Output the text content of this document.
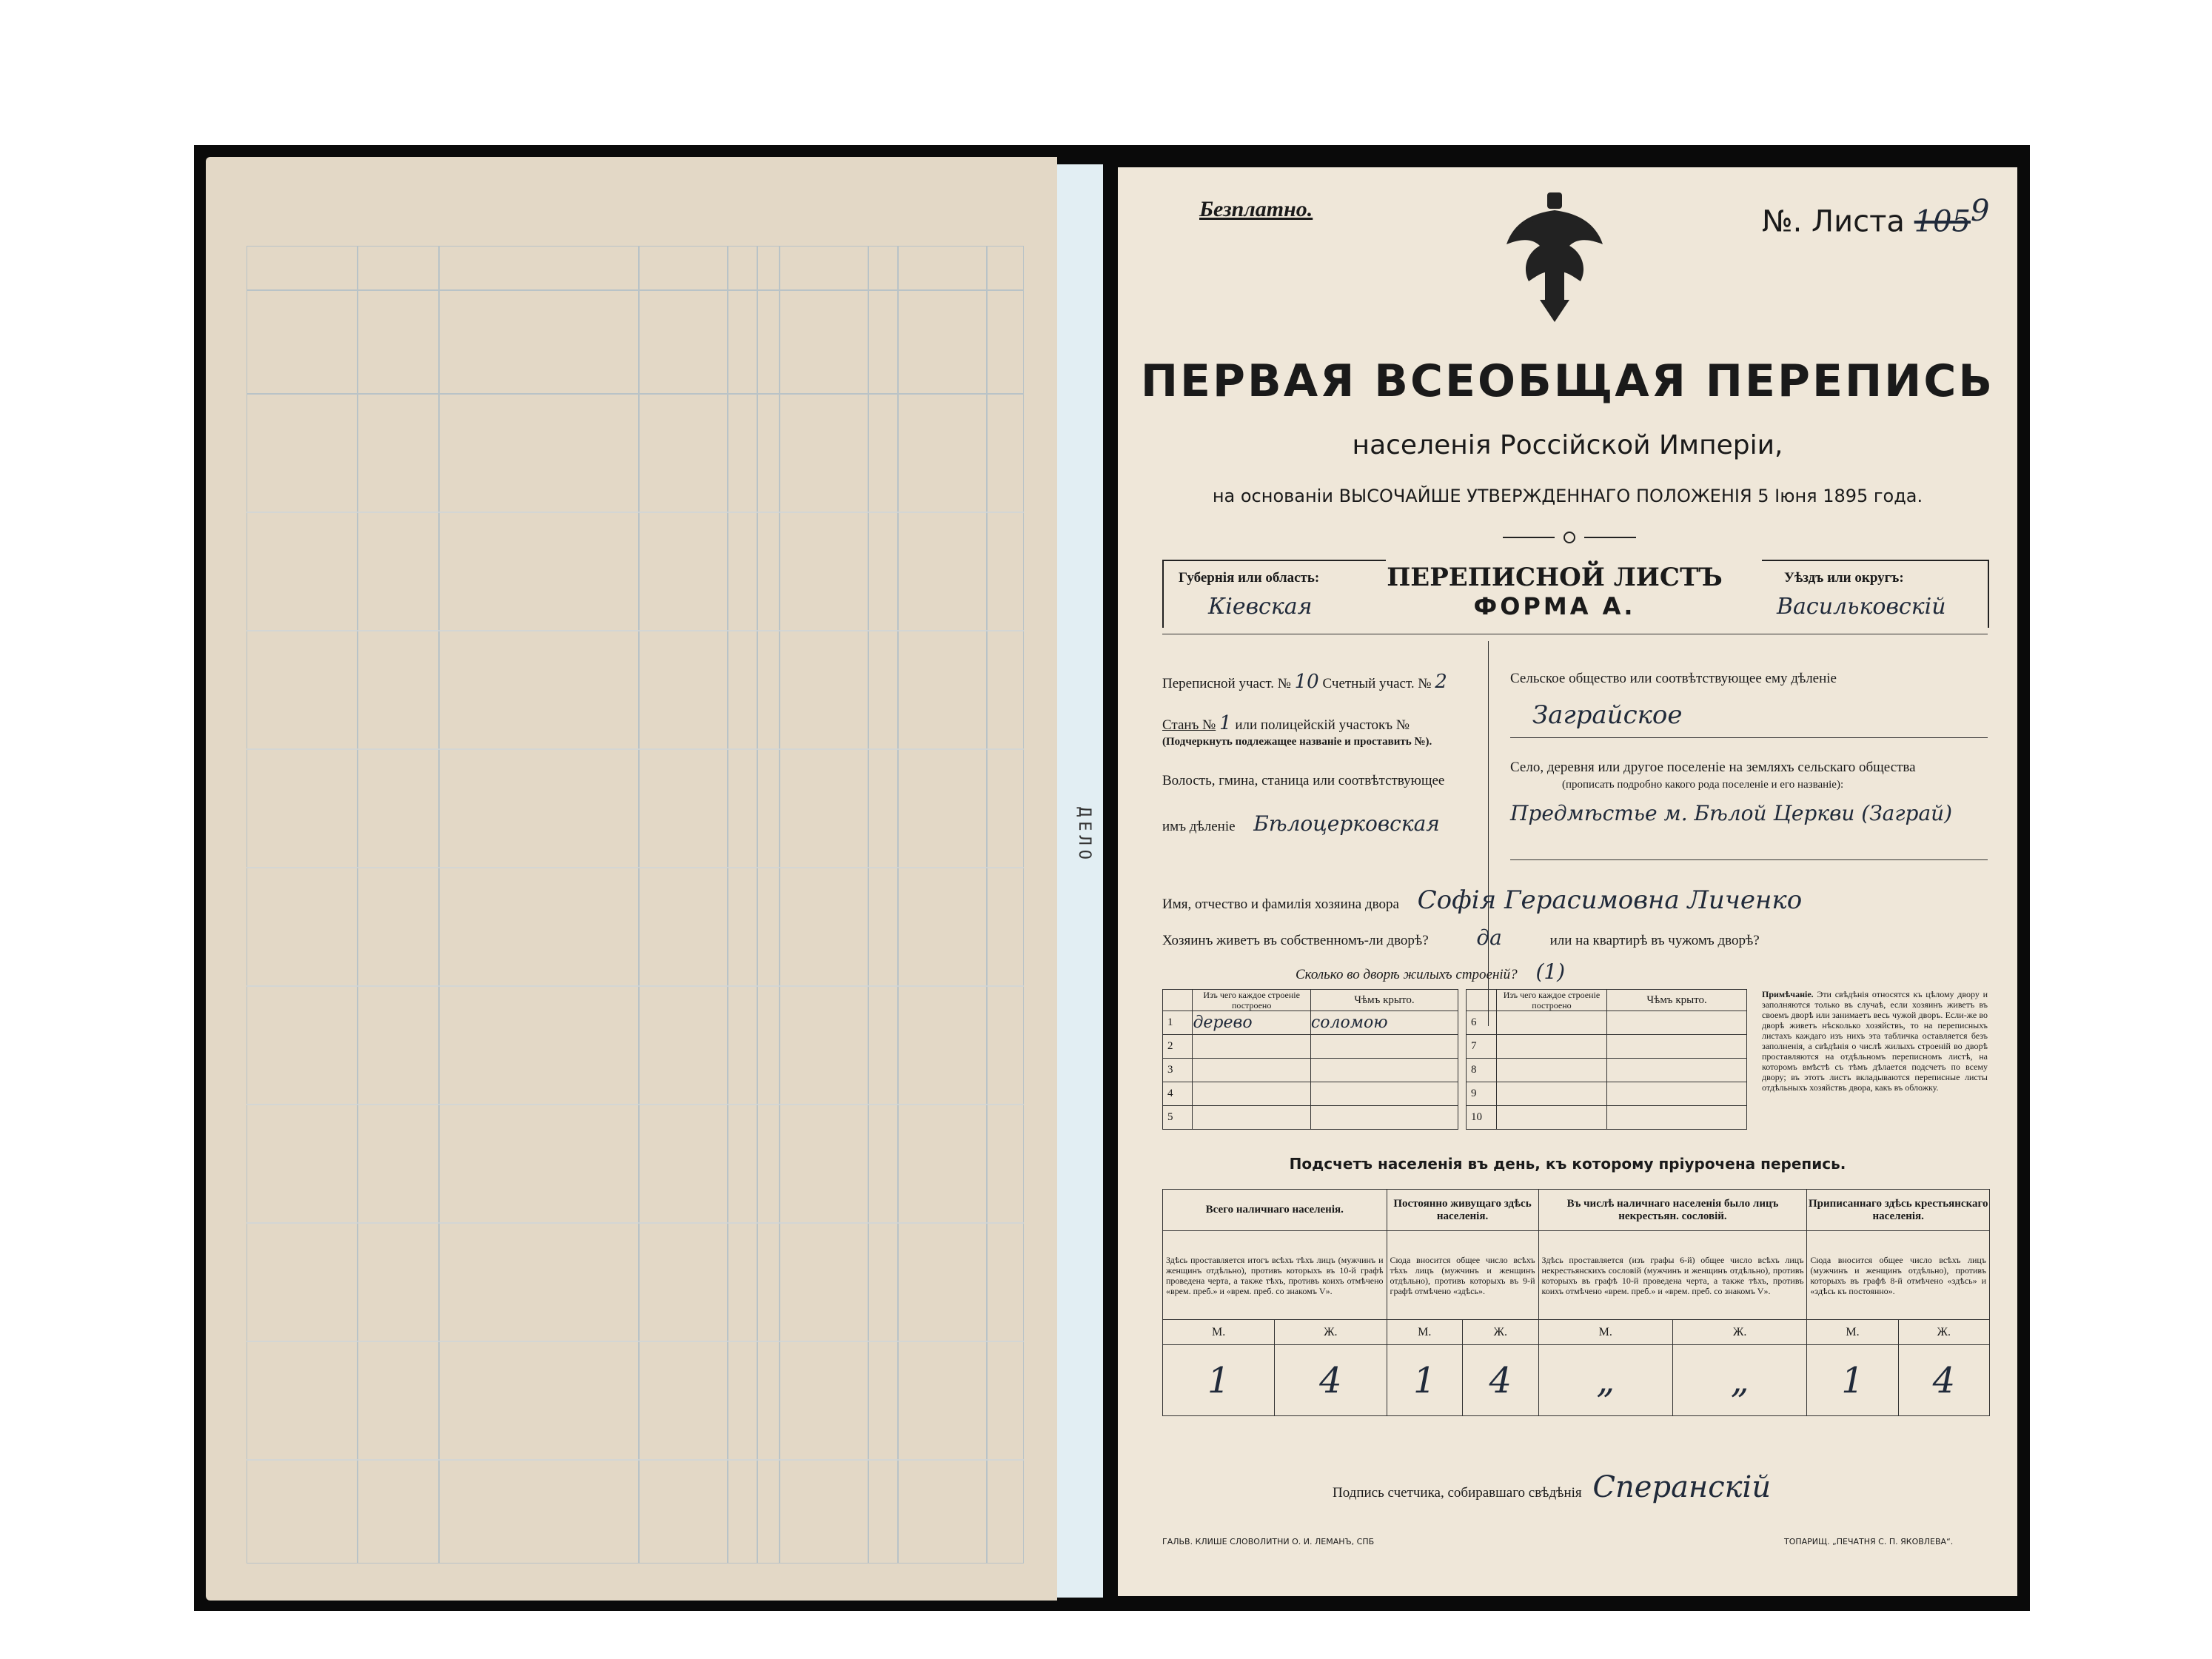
ДЕЛО
Безплатно.	№. Листа $105^9$
ПЕРВАЯ ВСЕОБЩАЯ ПЕРЕПИСЬ
населенія Россійской Имперіи,
на основаніи ВЫСОЧАЙШЕ УТВЕРЖДЕННАГО ПОЛОЖЕНІЯ 5 Іюня 1895 года.
Губернія или область:
Кіевская
ПЕРЕПИСНОЙ ЛИСТЪ
ФОРМА А.
Уѣздъ или округъ:
Васильковскій
Переписной участ. № 10 Счетный участ. № 2
Станъ № 1 или полицейскій участокъ №
(Подчеркнуть подлежащее названіе и проставить №).
Волость, гмина, станица или соотвѣтствующее
имъ дѣленіе Бѣлоцерковская
Сельское общество или соотвѣтствующее ему дѣленіе
Заграйское
Село, деревня или другое поселеніе на земляхъ сельскаго общества
(прописать подробно какого рода поселеніе и его названіе):
Предмѣстье м. Бѣлой Церкви (Заграй)
Имя, отчество и фамилія хозяина двора Софія Герасимовна Личенко
Хозяинъ живетъ въ собственномъ-ли дворѣ? да	или на квартирѣ въ чужомъ дворѣ?
Сколько во дворѣ жилыхъ строеній? (1)
	Изъ чего каждое строеніе построено	Чѣмъ крыто.
1	дерево	соломою
2		
3		
4		
5		
	Изъ чего каждое строеніе построено	Чѣмъ крыто.
6		
7		
8		
9		
10		
Примѣчаніе. Эти свѣдѣнія относятся къ цѣлому двору и заполняются только въ случаѣ, если хозяинъ живетъ въ своемъ дворѣ или занимаетъ весь чужой дворъ. Если-же во дворѣ живетъ нѣсколько хозяйствъ, то на переписныхъ листахъ каждаго изъ нихъ эта табличка оставляется безъ заполненія, а свѣдѣнія о числѣ жилыхъ строеній во дворѣ проставляются на отдѣльномъ переписномъ листѣ, на которомъ вмѣстѣ съ тѣмъ дѣлается подсчетъ по всему двору; въ этотъ листъ вкладываются переписные листы отдѣльныхъ хозяйствъ двора, какъ въ обложку.
Подсчетъ населенія въ день, къ которому пріурочена перепись.
Всего наличнаго населенія.		Постоянно живущаго здѣсь населенія.		Въ числѣ наличнаго населенія было лицъ некрестьян. сословій.		Приписаннаго здѣсь крестьянскаго населенія.	
Здѣсь проставляется итогъ всѣхъ тѣхъ лицъ (мужчинъ и женщинъ отдѣльно), противъ которыхъ въ 10-й графѣ проведена черта, а также тѣхъ, противъ коихъ отмѣчено «врем. преб.» и «врем. преб. со знакомъ V».		Сюда вносится общее число всѣхъ тѣхъ лицъ (мужчинъ и женщинъ отдѣльно), противъ которыхъ въ 9-й графѣ отмѣчено «здѣсь».		Здѣсь проставляется (изъ графы 6-й) общее число всѣхъ лицъ некрестьянскихъ сословій (мужчинъ и женщинъ отдѣльно), противъ которыхъ въ графѣ 10-й проведена черта, а также тѣхъ, противъ коихъ отмѣчено «врем. преб.» и «врем. преб. со знакомъ V».		Сюда вносится общее число всѣхъ лицъ (мужчинъ и женщинъ отдѣльно), противъ которыхъ въ графѣ 8-й отмѣчено «здѣсь» и «здѣсь къ постоянно».	
М.	Ж.	М.	Ж.	М.	Ж.	М.	Ж.
1	4	1	4	„	„	1	4
Подпись счетчика, собиравшаго свѣдѣнія Сперанскій
ГАЛЬВ. КЛИШЕ СЛОВОЛИТНИ О. И. ЛЕМАНЪ, СПБ	ТОПАРИЩ. „ПЕЧАТНЯ С. П. ЯКОВЛЕВА“.
